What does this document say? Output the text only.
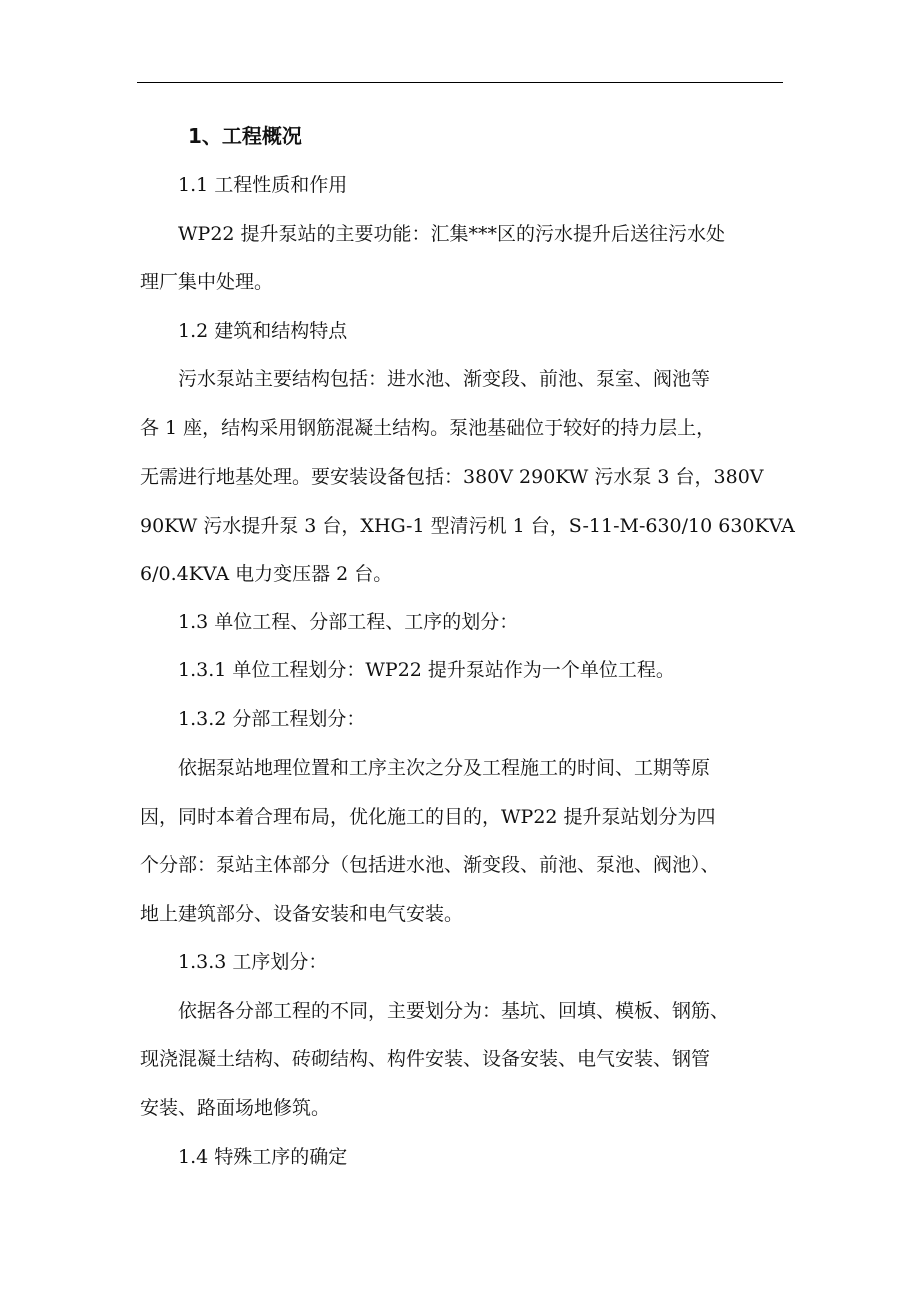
1、工程概况
1.1 工程性质和作用
WP22 提升泵站的主要功能：汇集***区的污水提升后送往污水处
理厂集中处理。
1.2 建筑和结构特点
污水泵站主要结构包括：进水池、渐变段、前池、泵室、阀池等
各 1 座，结构采用钢筋混凝土结构。泵池基础位于较好的持力层上，
无需进行地基处理。要安装设备包括：380V 290KW 污水泵 3 台，380V
90KW 污水提升泵 3 台，XHG-1 型清污机 1 台，S-11-M-630/10 630KVA
6/0.4KVA 电力变压器 2 台。
1.3 单位工程、分部工程、工序的划分：
1.3.1 单位工程划分：WP22 提升泵站作为一个单位工程。
1.3.2 分部工程划分：
依据泵站地理位置和工序主次之分及工程施工的时间、工期等原
因，同时本着合理布局，优化施工的目的，WP22 提升泵站划分为四
个分部：泵站主体部分（包括进水池、渐变段、前池、泵池、阀池）、
地上建筑部分、设备安装和电气安装。
1.3.3 工序划分：
依据各分部工程的不同，主要划分为：基坑、回填、模板、钢筋、
现浇混凝土结构、砖砌结构、构件安装、设备安装、电气安装、钢管
安装、路面场地修筑。
1.4 特殊工序的确定
